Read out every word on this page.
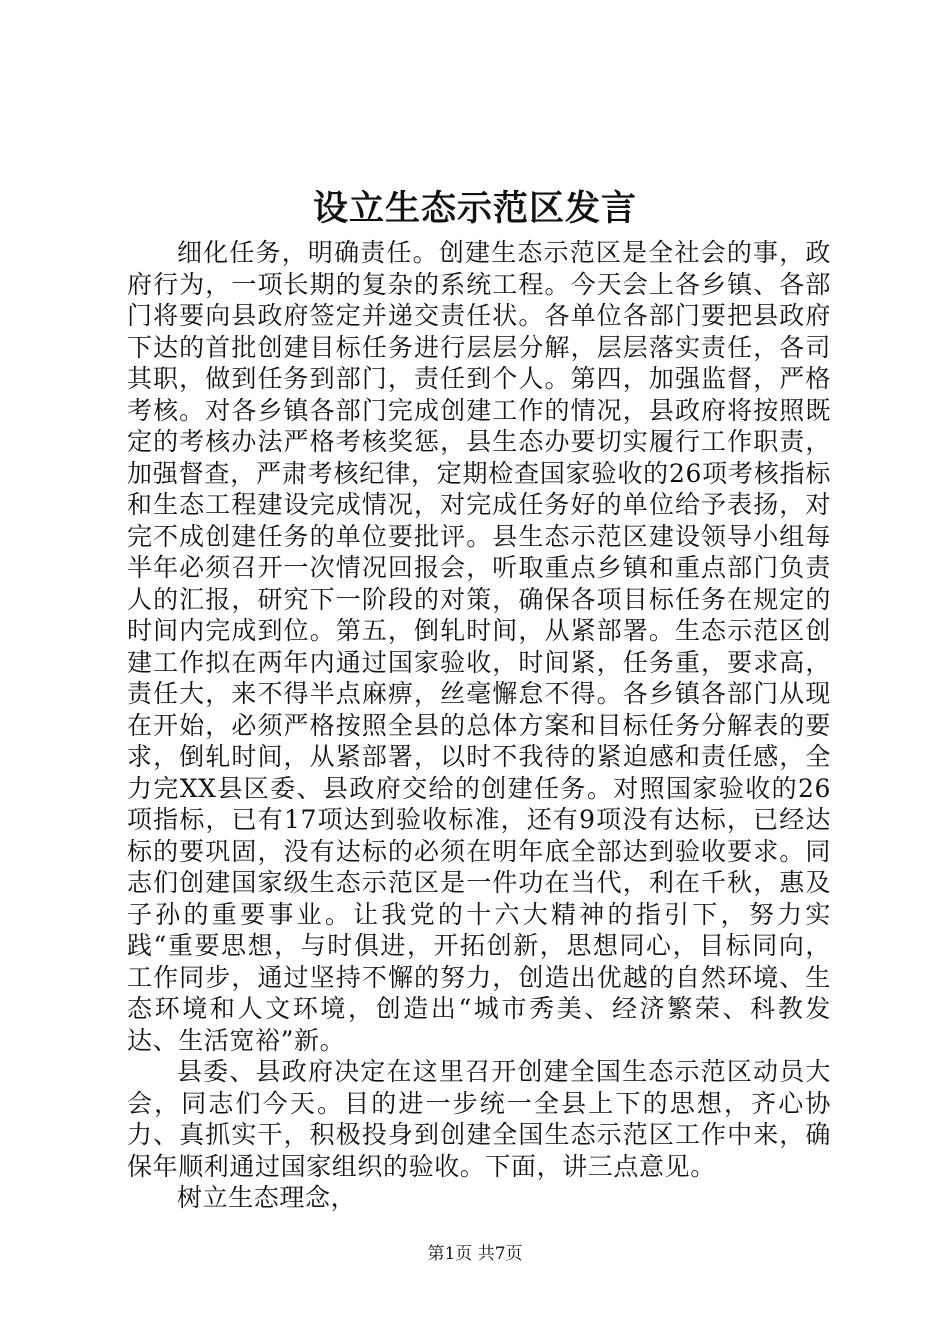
设立生态示范区发言

细化任务，明确责任。创建生态示范区是全社会的事，政府行为，一项长期的复杂的系统工程。今天会上各乡镇、各部门将要向县政府签定并递交责任状。各单位各部门要把县政府下达的首批创建目标任务进行层层分解，层层落实责任，各司其职，做到任务到部门，责任到个人。第四，加强监督，严格考核。对各乡镇各部门完成创建工作的情况，县政府将按照既定的考核办法严格考核奖惩，县生态办要切实履行工作职责，加强督查，严肃考核纪律，定期检查国家验收的26项考核指标和生态工程建设完成情况，对完成任务好的单位给予表扬，对完不成创建任务的单位要批评。县生态示范区建设领导小组每半年必须召开一次情况回报会，听取重点乡镇和重点部门负责人的汇报，研究下一阶段的对策，确保各项目标任务在规定的时间内完成到位。第五，倒轧时间，从紧部署。生态示范区创建工作拟在两年内通过国家验收，时间紧，任务重，要求高，责任大，来不得半点麻痹，丝毫懈怠不得。各乡镇各部门从现在开始，必须严格按照全县的总体方案和目标任务分解表的要求，倒轧时间，从紧部署，以时不我待的紧迫感和责任感，全力完XX县区委、县政府交给的创建任务。对照国家验收的26项指标，已有17项达到验收标准，还有9项没有达标，已经达标的要巩固，没有达标的必须在明年底全部达到验收要求。同志们创建国家级生态示范区是一件功在当代，利在千秋，惠及子孙的重要事业。让我党的十六大精神的指引下，努力实践“重要思想，与时俱进，开拓创新，思想同心，目标同向，工作同步，通过坚持不懈的努力，创造出优越的自然环境、生态环境和人文环境，创造出“城市秀美、经济繁荣、科教发达、生活宽裕”新。

县委、县政府决定在这里召开创建全国生态示范区动员大会，同志们今天。目的进一步统一全县上下的思想，齐心协力、真抓实干，积极投身到创建全国生态示范区工作中来，确保年顺利通过国家组织的验收。下面，讲三点意见。

树立生态理念，

第1页 共7页
